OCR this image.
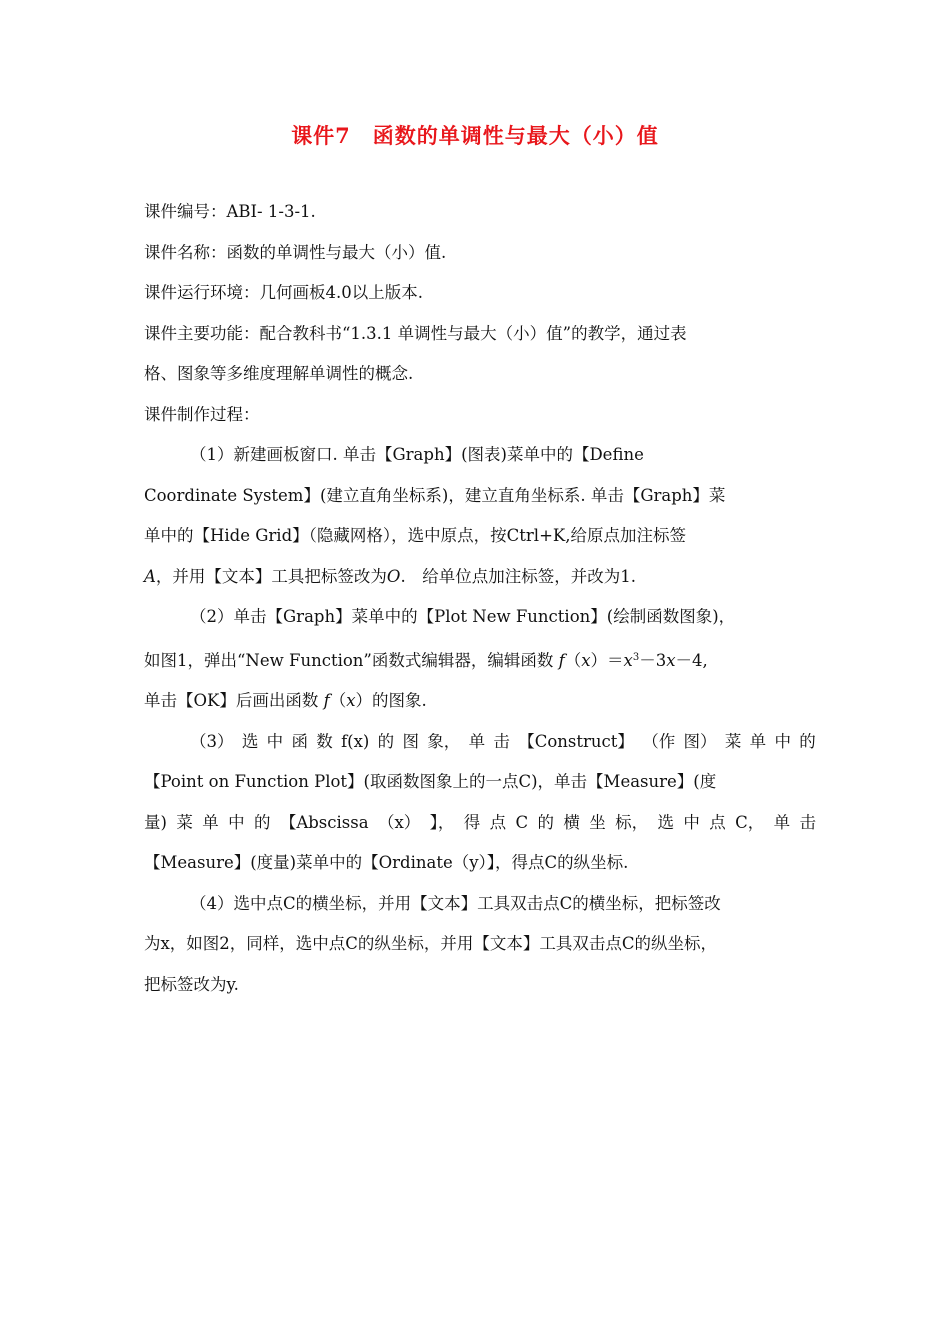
课件7　函数的单调性与最大（小）值
课件编号：ABⅠ- 1-3-1.
课件名称：函数的单调性与最大（小）值.
课件运行环境：几何画板4.0以上版本.
课件主要功能：配合教科书“1.3.1 单调性与最大（小）值”的教学，通过表
格、图象等多维度理解单调性的概念.
课件制作过程：
（1）新建画板窗口. 单击【Graph】(图表)菜单中的【Define
Coordinate System】(建立直角坐标系)，建立直角坐标系. 单击【Graph】菜
单中的【Hide Grid】（隐藏网格），选中原点，按Ctrl+K,给原点加注标签
A，并用【文本】工具把标签改为O.　给单位点加注标签，并改为1.
（2）单击【Graph】菜单中的【Plot New Function】(绘制函数图象)，
如图1，弹出“New Function”函数式编辑器，编辑函数 $f(x)=x^3-3x-4$,
单击【OK】后画出函数 f（x）的图象.
（3） 选 中 函 数 f(x) 的 图 象， 单 击 【Construct】 （作 图） 菜 单 中 的
【Point on Function Plot】(取函数图象上的一点C)，单击【Measure】(度
量) 菜 单 中 的 【Abscissa （x） 】， 得 点 C 的 横 坐 标， 选 中 点 C， 单 击
【Measure】(度量)菜单中的【Ordinate（y）】，得点C的纵坐标.
（4）选中点C的横坐标，并用【文本】工具双击点C的横坐标，把标签改
为x，如图2，同样，选中点C的纵坐标，并用【文本】工具双击点C的纵坐标，
把标签改为y.
